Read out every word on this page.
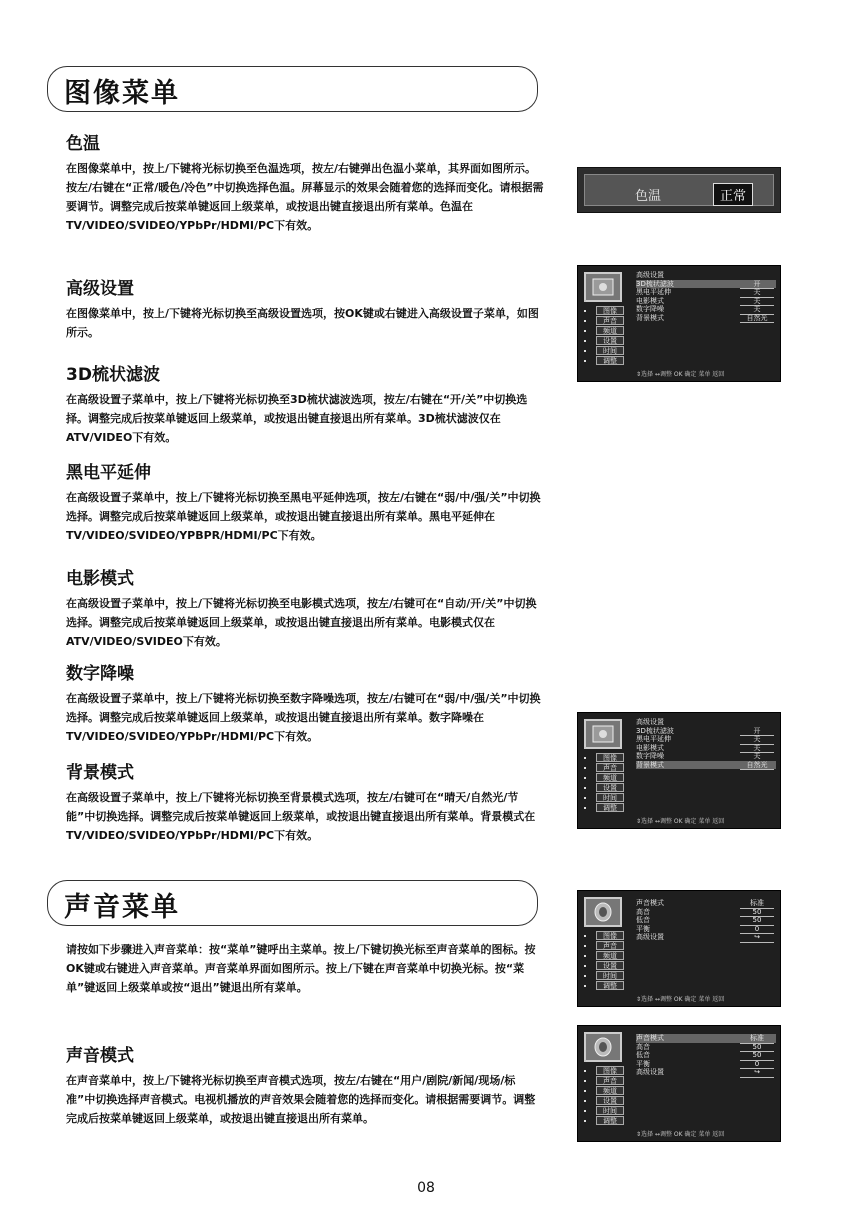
图像菜单
色温

在图像菜单中，按上/下键将光标切换至色温选项，按左/右键弹出色温小菜单，其界面如图所示。按左/右键在“正常/暖色/冷色”中切换选择色温。屏幕显示的效果会随着您的选择而变化。请根据需要调节。调整完成后按菜单键返回上级菜单，或按退出键直接退出所有菜单。色温在TV/VIDEO/SVIDEO/YPbPr/HDMI/PC下有效。

高级设置

在图像菜单中，按上/下键将光标切换至高级设置选项，按OK键或右键进入高级设置子菜单，如图所示。

3D梳状滤波

在高级设置子菜单中，按上/下键将光标切换至3D梳状滤波选项，按左/右键在“开/关”中切换选择。调整完成后按菜单键返回上级菜单，或按退出键直接退出所有菜单。3D梳状滤波仅在ATV/VIDEO下有效。

黑电平延伸

在高级设置子菜单中，按上/下键将光标切换至黑电平延伸选项，按左/右键在“弱/中/强/关”中切换选择。调整完成后按菜单键返回上级菜单，或按退出键直接退出所有菜单。黑电平延伸在TV/VIDEO/SVIDEO/YPBPR/HDMI/PC下有效。

电影模式

在高级设置子菜单中，按上/下键将光标切换至电影模式选项，按左/右键可在“自动/开/关”中切换选择。调整完成后按菜单键返回上级菜单，或按退出键直接退出所有菜单。电影模式仅在ATV/VIDEO/SVIDEO下有效。

数字降噪

在高级设置子菜单中，按上/下键将光标切换至数字降噪选项，按左/右键可在“弱/中/强/关”中切换选择。调整完成后按菜单键返回上级菜单，或按退出键直接退出所有菜单。数字降噪在TV/VIDEO/SVIDEO/YPbPr/HDMI/PC下有效。

背景模式

在高级设置子菜单中，按上/下键将光标切换至背景模式选项，按左/右键可在“晴天/自然光/节能”中切换选择。调整完成后按菜单键返回上级菜单，或按退出键直接退出所有菜单。背景模式在TV/VIDEO/SVIDEO/YPbPr/HDMI/PC下有效。

声音菜单

请按如下步骤进入声音菜单：按“菜单”键呼出主菜单。按上/下键切换光标至声音菜单的图标。按OK键或右键进入声音菜单。声音菜单界面如图所示。按上/下键在声音菜单中切换光标。按“菜单”键返回上级菜单或按“退出”键退出所有菜单。

声音模式

在声音菜单中，按上/下键将光标切换至声音模式选项，按左/右键在“用户/剧院/新闻/现场/标准”中切换选择声音模式。电视机播放的声音效果会随着您的选择而变化。请根据需要调节。调整完成后按菜单键返回上级菜单，或按退出键直接退出所有菜单。

色温	正常
图像
声音
频道
设置
时间
调整
高级设置
3D梳状滤波	开
黑电平延伸	关
电影模式	关
数字降噪	关
背景模式	自然光
⇕选择 ↔调整 OK 确定 菜单 返回
图像
声音
频道
设置
时间
调整
高级设置
3D梳状滤波	开
黑电平延伸	关
电影模式	关
数字降噪	关
背景模式	自然光
⇕选择 ↔调整 OK 确定 菜单 返回
图像
声音
频道
设置
时间
调整
声音模式	标准
高音	50
低音	50
平衡	0
高级设置	↪
⇕选择 ↔调整 OK 确定 菜单 返回
图像
声音
频道
设置
时间
调整
声音模式	标准
高音	50
低音	50
平衡	0
高级设置	↪
⇕选择 ↔调整 OK 确定 菜单 返回
08
